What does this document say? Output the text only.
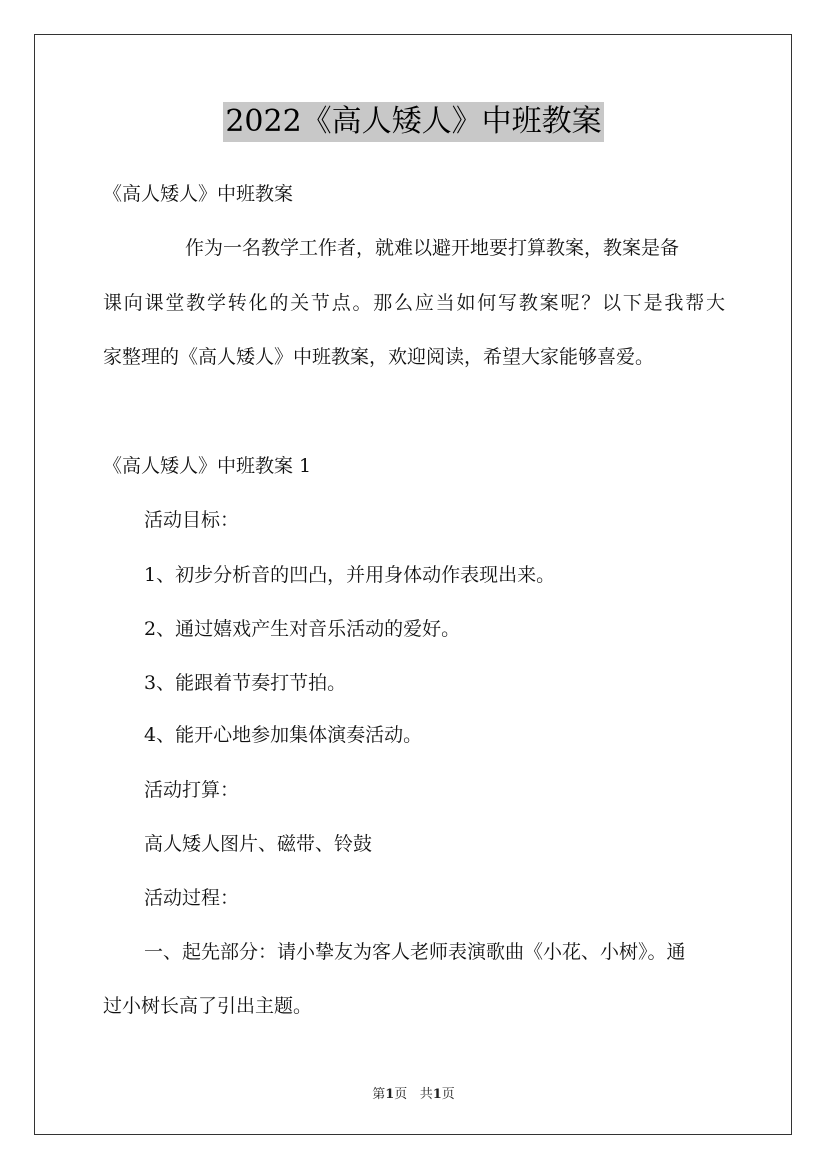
2022《高人矮人》中班教案
《高人矮人》中班教案
作为一名教学工作者，就难以避开地要打算教案，教案是备
课向课堂教学转化的关节点。那么应当如何写教案呢？以下是我帮大
家整理的《高人矮人》中班教案，欢迎阅读，希望大家能够喜爱。
《高人矮人》中班教案 1
活动目标：
1、初步分析音的凹凸，并用身体动作表现出来。
2、通过嬉戏产生对音乐活动的爱好。
3、能跟着节奏打节拍。
4、能开心地参加集体演奏活动。
活动打算：
高人矮人图片、磁带、铃鼓
活动过程：
一、起先部分：请小挚友为客人老师表演歌曲《小花、小树》。通
过小树长高了引出主题。
第1页 共1页
